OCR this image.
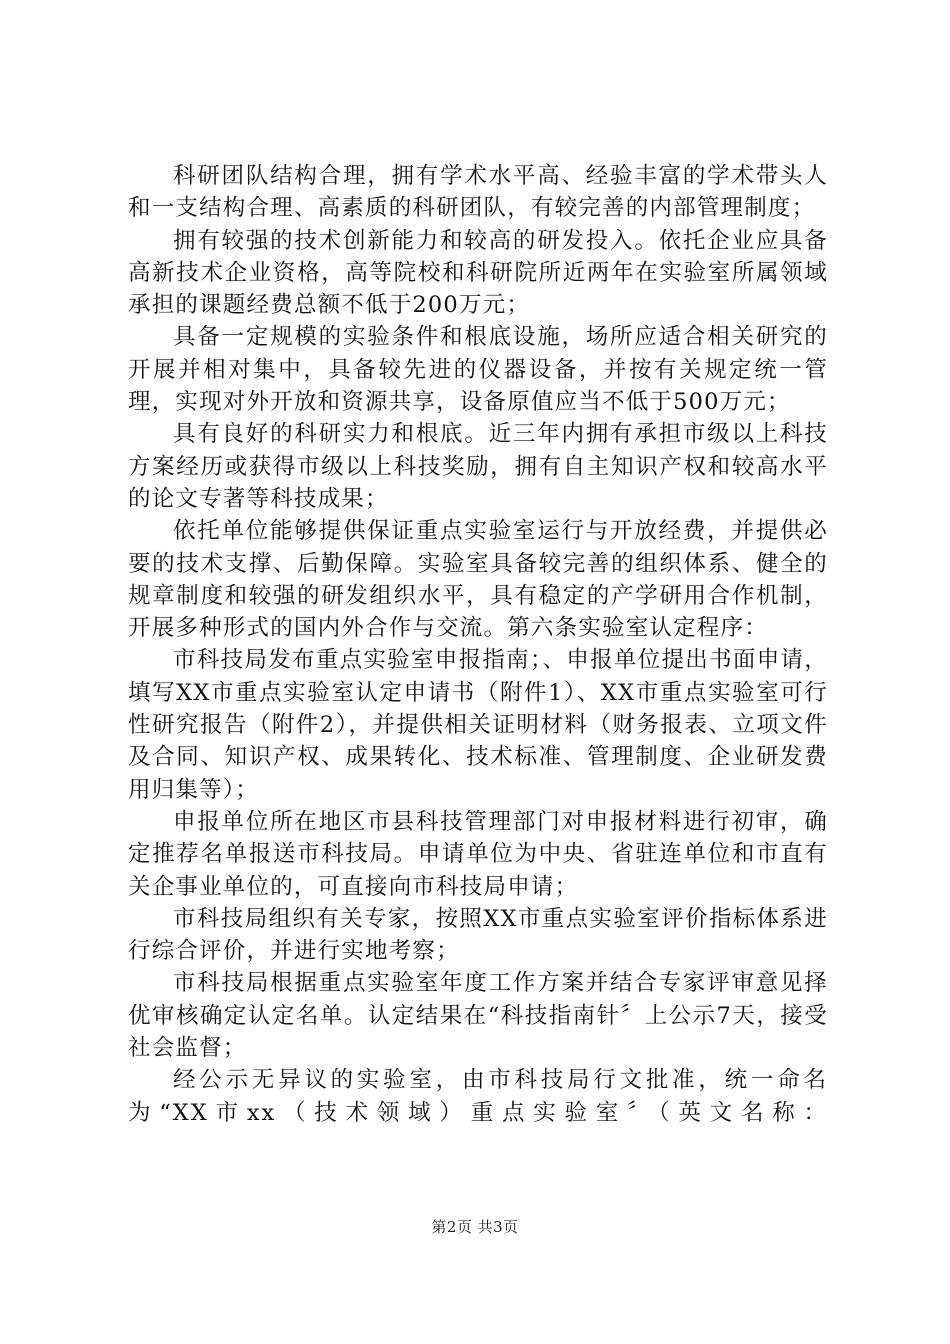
科研团队结构合理，拥有学术水平高、经验丰富的学术带头人和一支结构合理、高素质的科研团队，有较完善的内部管理制度；

拥有较强的技术创新能力和较高的研发投入。依托企业应具备高新技术企业资格，高等院校和科研院所近两年在实验室所属领域承担的课题经费总额不低于200万元；

具备一定规模的实验条件和根底设施，场所应适合相关研究的开展并相对集中，具备较先进的仪器设备，并按有关规定统一管理，实现对外开放和资源共享，设备原值应当不低于500万元；

具有良好的科研实力和根底。近三年内拥有承担市级以上科技方案经历或获得市级以上科技奖励，拥有自主知识产权和较高水平的论文专著等科技成果；

依托单位能够提供保证重点实验室运行与开放经费，并提供必要的技术支撑、后勤保障。实验室具备较完善的组织体系、健全的规章制度和较强的研发组织水平，具有稳定的产学研用合作机制，开展多种形式的国内外合作与交流。第六条实验室认定程序：

市科技局发布重点实验室申报指南；、申报单位提出书面申请，填写XX市重点实验室认定申请书（附件1）、XX市重点实验室可行性研究报告（附件2），并提供相关证明材料（财务报表、立项文件及合同、知识产权、成果转化、技术标准、管理制度、企业研发费用归集等）；

申报单位所在地区市县科技管理部门对申报材料进行初审，确定推荐名单报送市科技局。申请单位为中央、省驻连单位和市直有关企事业单位的，可直接向市科技局申请；

市科技局组织有关专家，按照XX市重点实验室评价指标体系进行综合评价，并进行实地考察；

市科技局根据重点实验室年度工作方案并结合专家评审意见择优审核确定认定名单。认定结果在“科技指南针〞上公示7天，接受社会监督；

经公示无异议的实验室，由市科技局行文批准，统一命名为“XX市xx（技术领域）重点实验室〞（英文名称：

第2页 共3页
